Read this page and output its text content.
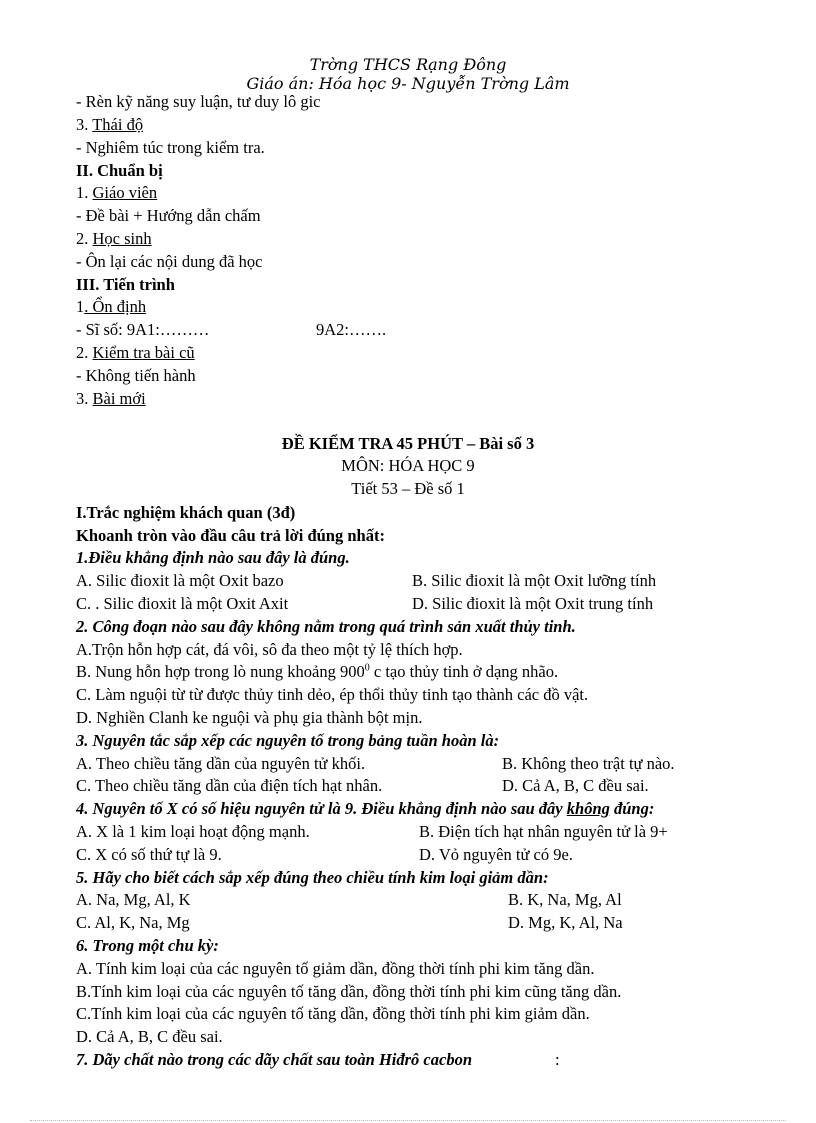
Trờng THCS Rạng Đông
Giáo án: Hóa học 9- Nguyễn Trờng Lâm
- Rèn kỹ năng suy luận, tư duy lô gic
3. Thái độ
- Nghiêm túc trong kiểm tra.
II. Chuẩn bị
1. Giáo viên
- Đề bài + Hướng dẫn chấm
2. Học sinh
- Ôn lại các nội dung đã học
III. Tiến trình
1. Ổn định
- Sĩ số: 9A1:………	9A2:…….
2. Kiểm tra bài cũ
- Không tiến hành
3. Bài mới
ĐỀ KIỂM TRA 45 PHÚT – Bài số 3
MÔN: HÓA HỌC 9
Tiết 53 – Đề số 1
I.Trắc nghiệm khách quan (3đ)
Khoanh tròn vào đầu câu trả lời đúng nhất:
1.Điều khẳng định nào sau đây là đúng.
A. Silic đioxit là một Oxit bazo	B. Silic đioxit là một Oxit lưỡng tính
C. . Silic đioxit là một Oxit Axit	D. Silic đioxit là một Oxit trung tính
2. Công đoạn nào sau đây không nằm trong quá trình sản xuất thủy tinh.
A.Trộn hỗn hợp cát, đá vôi, sô đa theo một tỷ lệ thích hợp.
B. Nung hỗn hợp trong lò nung khoảng $900^0$ c tạo thủy tinh ở dạng nhão.
C. Làm nguội từ từ được thủy tinh dẻo, ép thổi thủy tinh tạo thành các đồ vật.
D. Nghiền Clanh ke nguội và phụ gia thành bột mịn.
3. Nguyên tắc sắp xếp các nguyên tố trong bảng tuần hoàn là:
A. Theo chiều tăng dần của nguyên tử khối.	B. Không theo trật tự nào.
C. Theo chiều tăng dần của điện tích hạt nhân.	D. Cả A, B, C đều sai.
4. Nguyên tố X có số hiệu nguyên tử là 9. Điều khẳng định nào sau đây không đúng:
A. X là 1 kim loại hoạt động mạnh.	B. Điện tích hạt nhân nguyên tử là 9+
C. X có số thứ tự là 9.	D. Vỏ nguyên tử có 9e.
5. Hãy cho biết cách sắp xếp đúng theo chiều tính kim loại giảm dần:
A. Na, Mg, Al, K	B. K, Na, Mg, Al
C. Al, K, Na, Mg	D. Mg, K, Al, Na
6. Trong một chu kỳ:
A. Tính kim loại của các nguyên tố giảm dần, đồng thời tính phi kim tăng dần.
B.Tính kim loại của các nguyên tố tăng dần, đồng thời tính phi kim cũng tăng dần.
C.Tính kim loại của các nguyên tố tăng dần, đồng thời tính phi kim giảm dần.
D. Cả A, B, C đều sai.
7. Dãy chất nào trong các dãy chất sau toàn Hiđrô cacbon	:
